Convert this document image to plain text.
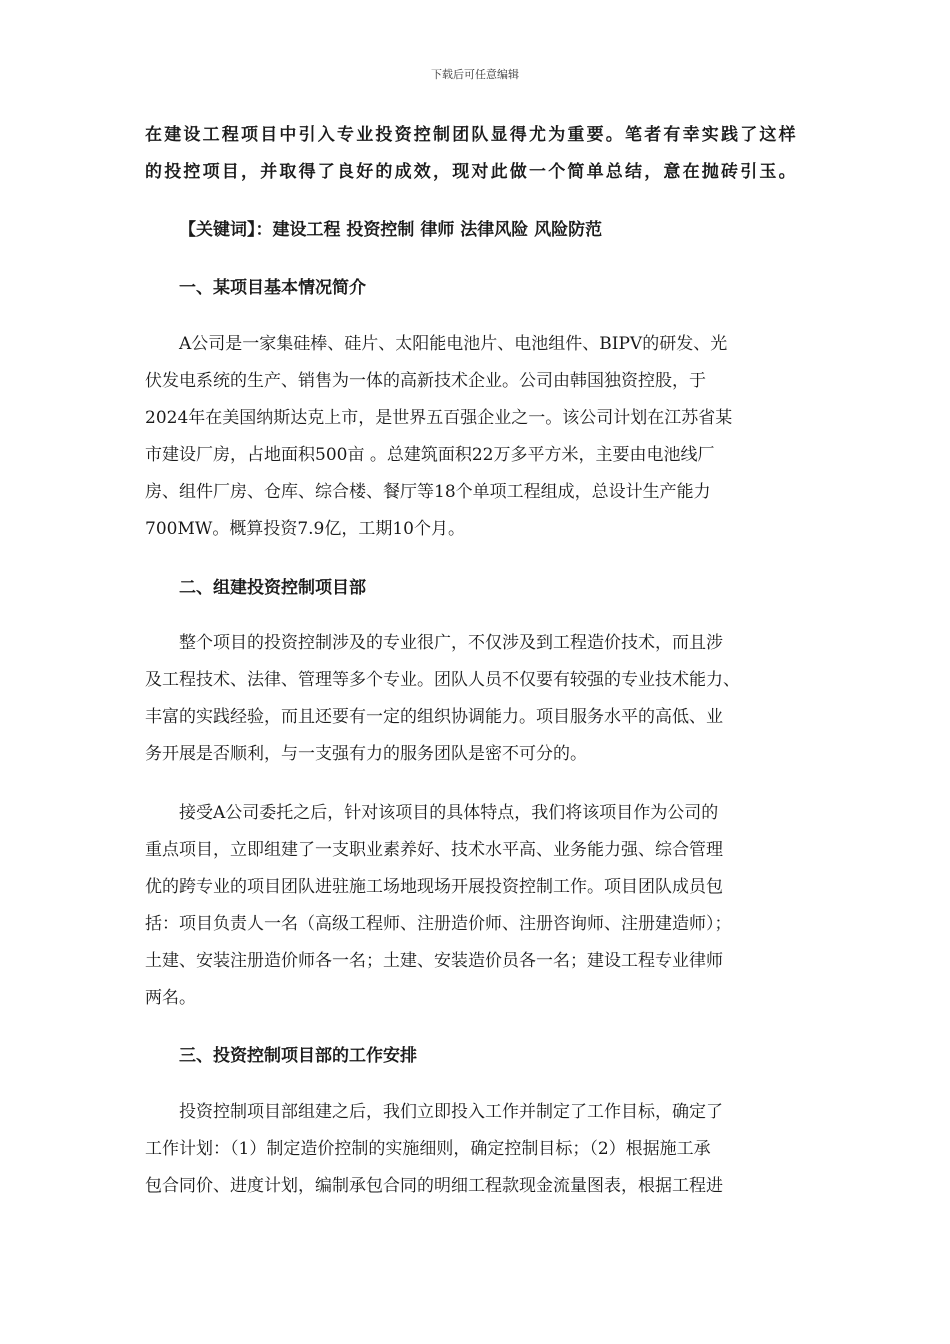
下载后可任意编辑
在建设工程项目中引入专业投资控制团队显得尤为重要。笔者有幸实践了这样
的投控项目，并取得了良好的成效，现对此做一个简单总结，意在抛砖引玉。
【关键词】：建设工程 投资控制 律师 法律风险 风险防范
一、某项目基本情况简介
A公司是一家集硅棒、硅片、太阳能电池片、电池组件、BIPV的研发、光
伏发电系统的生产、销售为一体的高新技术企业。公司由韩国独资控股，于
2024年在美国纳斯达克上市，是世界五百强企业之一。该公司计划在江苏省某
市建设厂房，占地面积500亩 。总建筑面积22万多平方米，主要由电池线厂
房、组件厂房、仓库、综合楼、餐厅等18个单项工程组成，总设计生产能力
700MW。概算投资7.9亿，工期10个月。
二、组建投资控制项目部
整个项目的投资控制涉及的专业很广，不仅涉及到工程造价技术，而且涉
及工程技术、法律、管理等多个专业。团队人员不仅要有较强的专业技术能力、
丰富的实践经验，而且还要有一定的组织协调能力。项目服务水平的高低、业
务开展是否顺利，与一支强有力的服务团队是密不可分的。
接受A公司委托之后，针对该项目的具体特点，我们将该项目作为公司的
重点项目，立即组建了一支职业素养好、技术水平高、业务能力强、综合管理
优的跨专业的项目团队进驻施工场地现场开展投资控制工作。项目团队成员包
括：项目负责人一名（高级工程师、注册造价师、注册咨询师、注册建造师）；
土建、安装注册造价师各一名；土建、安装造价员各一名；建设工程专业律师
两名。
三、投资控制项目部的工作安排
投资控制项目部组建之后，我们立即投入工作并制定了工作目标，确定了
工作计划：（1）制定造价控制的实施细则，确定控制目标；（2）根据施工承
包合同价、进度计划，编制承包合同的明细工程款现金流量图表，根据工程进
